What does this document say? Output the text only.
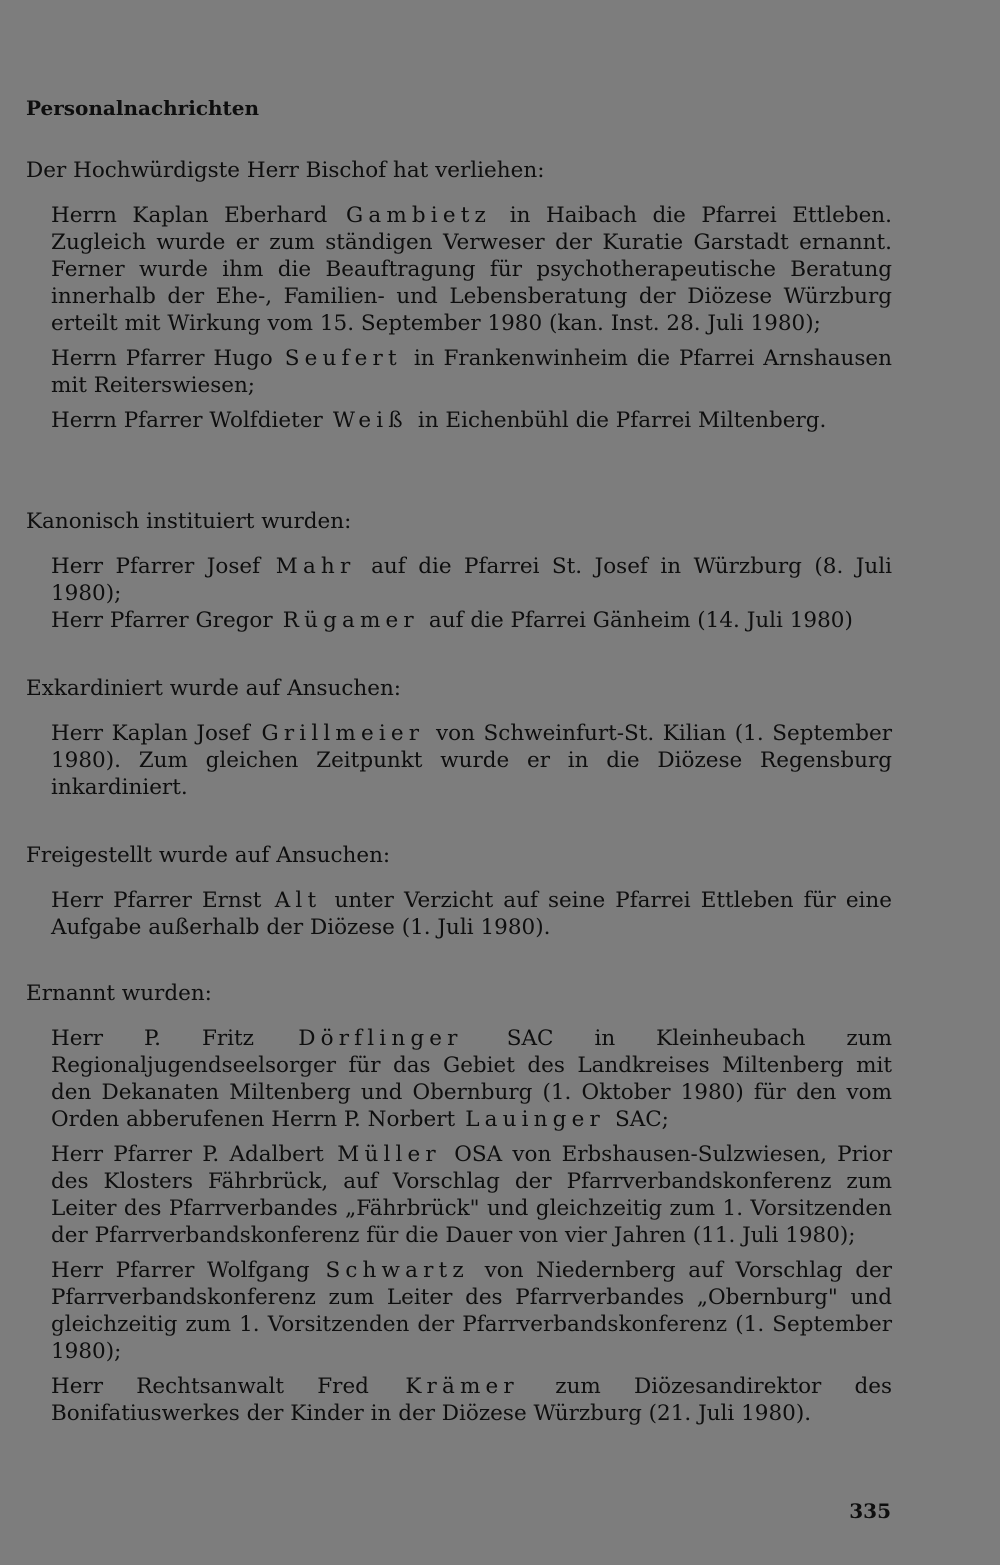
Personalnachrichten

Der Hochwürdigste Herr Bischof hat verliehen:

Herrn Kaplan Eberhard Gambietz in Haibach die Pfarrei Ettleben. Zugleich wurde er zum ständigen Verweser der Kuratie Garstadt ernannt. Ferner wurde ihm die Beauftragung für psychotherapeutische Beratung innerhalb der Ehe-, Familien- und Lebensberatung der Diözese Würzburg erteilt mit Wirkung vom 15. September 1980 (kan. Inst. 28. Juli 1980);

Herrn Pfarrer Hugo Seufert in Frankenwinheim die Pfarrei Arnshausen mit Reiterswiesen;

Herrn Pfarrer Wolfdieter Weiß in Eichenbühl die Pfarrei Miltenberg.

Kanonisch instituiert wurden:

Herr Pfarrer Josef Mahr auf die Pfarrei St. Josef in Würzburg (8. Juli 1980);

Herr Pfarrer Gregor Rügamer auf die Pfarrei Gänheim (14. Juli 1980)

Exkardiniert wurde auf Ansuchen:

Herr Kaplan Josef Grillmeier von Schweinfurt-St. Kilian (1. September 1980). Zum gleichen Zeitpunkt wurde er in die Diözese Regensburg inkardiniert.

Freigestellt wurde auf Ansuchen:

Herr Pfarrer Ernst Alt unter Verzicht auf seine Pfarrei Ettleben für eine Aufgabe außerhalb der Diözese (1. Juli 1980).

Ernannt wurden:

Herr P. Fritz Dörflinger SAC in Kleinheubach zum Regionaljugendseelsorger für das Gebiet des Landkreises Miltenberg mit den Dekanaten Miltenberg und Obernburg (1. Oktober 1980) für den vom Orden abberufenen Herrn P. Norbert Lauinger SAC;

Herr Pfarrer P. Adalbert Müller OSA von Erbshausen-Sulzwiesen, Prior des Klosters Fährbrück, auf Vorschlag der Pfarrverbandskonferenz zum Leiter des Pfarrverbandes „Fährbrück" und gleichzeitig zum 1. Vorsitzenden der Pfarrverbandskonferenz für die Dauer von vier Jahren (11. Juli 1980);

Herr Pfarrer Wolfgang Schwartz von Niedernberg auf Vorschlag der Pfarrverbandskonferenz zum Leiter des Pfarrverbandes „Obernburg" und gleichzeitig zum 1. Vorsitzenden der Pfarrverbandskonferenz (1. September 1980);

Herr Rechtsanwalt Fred Krämer zum Diözesandirektor des Bonifatiuswerkes der Kinder in der Diözese Würzburg (21. Juli 1980).

335
